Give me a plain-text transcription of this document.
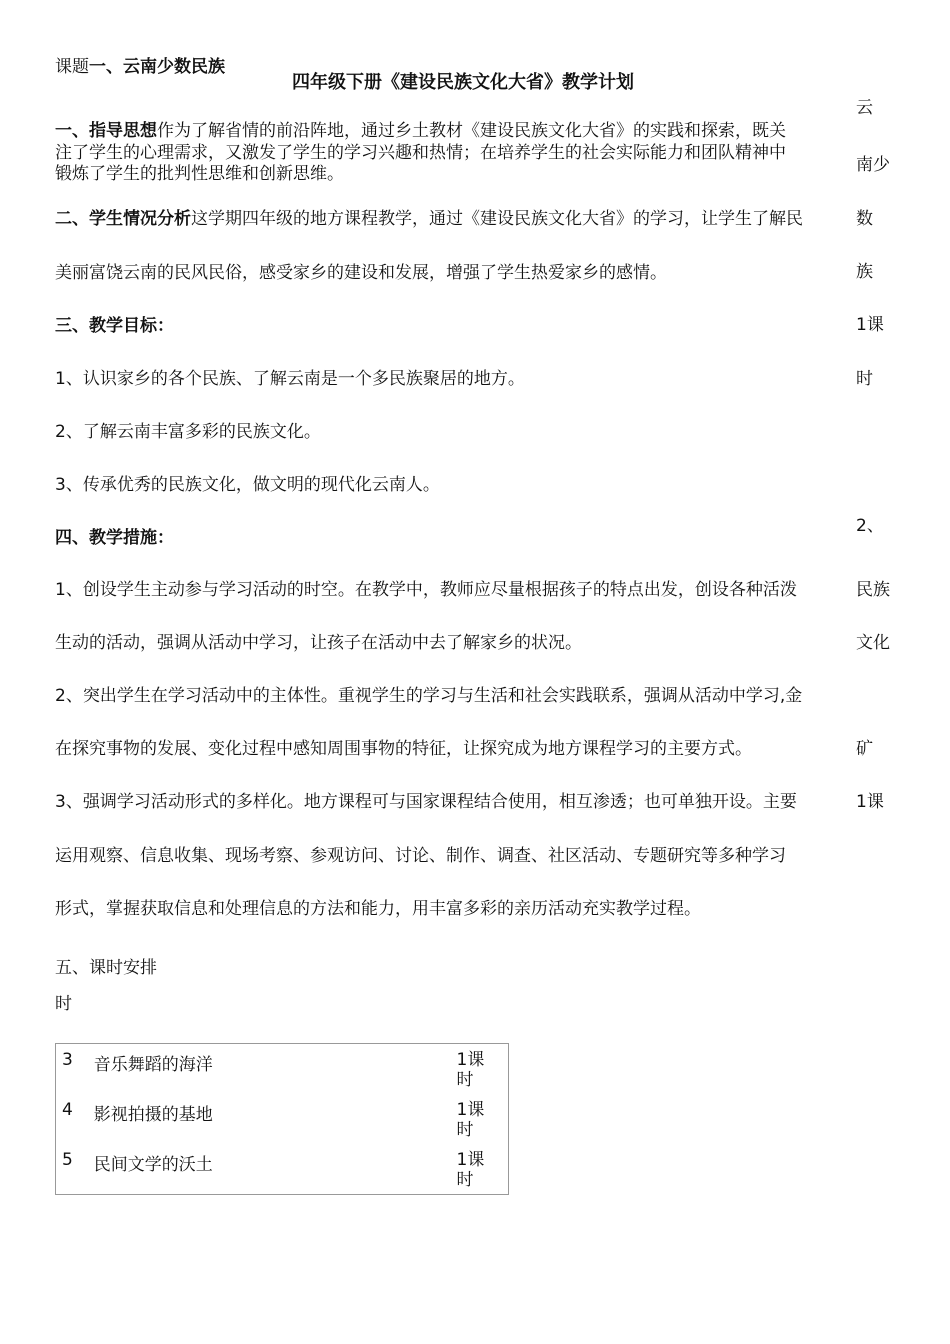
课题一、云南少数民族
四年级下册《建设民族文化大省》教学计划
一、指导思想作为了解省情的前沿阵地，通过乡土教材《建设民族文化大省》的实践和探索，既关
注了学生的心理需求，又激发了学生的学习兴趣和热情；在培养学生的社会实际能力和团队精神中
锻炼了学生的批判性思维和创新思维。
二、学生情况分析这学期四年级的地方课程教学，通过《建设民族文化大省》的学习，让学生了解民
美丽富饶云南的民风民俗，感受家乡的建设和发展，增强了学生热爱家乡的感情。
三、教学目标：
1、认识家乡的各个民族、了解云南是一个多民族聚居的地方。
2、了解云南丰富多彩的民族文化。
3、传承优秀的民族文化，做文明的现代化云南人。
四、教学措施：
1、创设学生主动参与学习活动的时空。在教学中，教师应尽量根据孩子的特点出发，创设各种活泼
生动的活动，强调从活动中学习，让孩子在活动中去了解家乡的状况。
2、突出学生在学习活动中的主体性。重视学生的学习与生活和社会实践联系，强调从活动中学习,金
在探究事物的发展、变化过程中感知周围事物的特征，让探究成为地方课程学习的主要方式。
3、强调学习活动形式的多样化。地方课程可与国家课程结合使用，相互渗透；也可单独开设。主要
运用观察、信息收集、现场考察、参观访问、讨论、制作、调查、社区活动、专题研究等多种学习
形式，掌握获取信息和处理信息的方法和能力，用丰富多彩的亲历活动充实教学过程。
五、课时安排
时
云
南少
数
族
1课
时
2、
民族
文化
矿
1课
3	音乐舞蹈的海洋	1课
时

4	影视拍摄的基地	1课
时

5	民间文学的沃土	1课
时
